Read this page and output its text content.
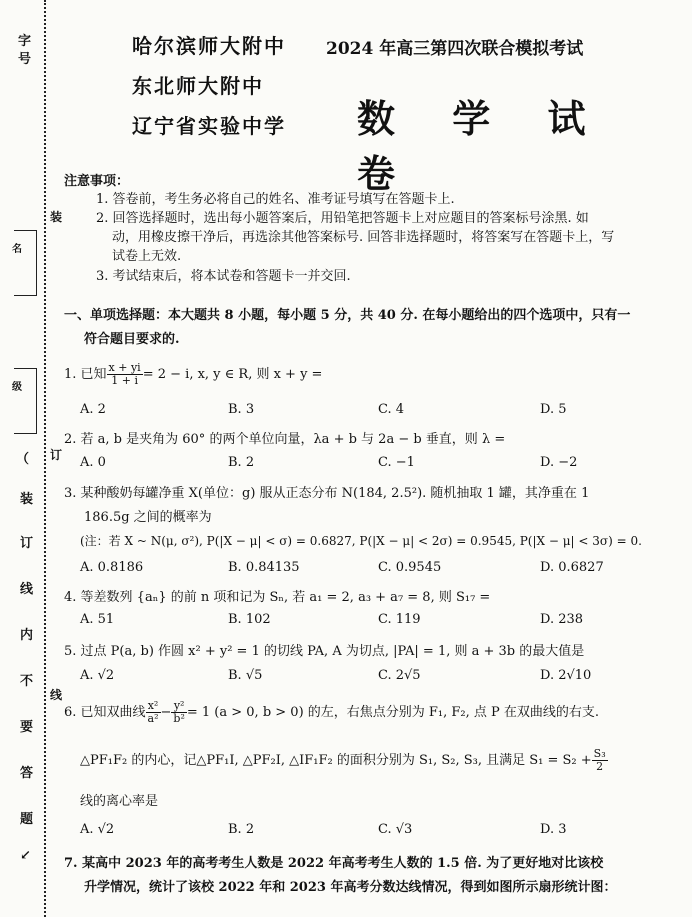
字
号
名
级
（
装
订
线
内
不
要
答
题
↙
装
订
线
哈尔滨师大附中
东北师大附中
辽宁省实验中学
2024 年高三第四次联合模拟考试
数 学 试 卷
注意事项：
1. 答卷前，考生务必将自己的姓名、准考证号填写在答题卡上.
2. 回答选择题时，选出每小题答案后，用铅笔把答题卡上对应题目的答案标号涂黑. 如
动，用橡皮擦干净后，再选涂其他答案标号. 回答非选择题时，将答案写在答题卡上，写
试卷上无效.
3. 考试结束后，将本试卷和答题卡一并交回.
一、单项选择题：本大题共 8 小题，每小题 5 分，共 40 分. 在每小题给出的四个选项中，只有一
符合题目要求的.
1. 已知 $\frac{x + yi}{1 + i} = 2 - i$, x, y ∈ R, 则 x + y =
A. 2	B. 3	C. 4	D. 5
2. 若 a, b 是夹角为 60° 的两个单位向量，λa + b 与 2a − b 垂直，则 λ =
A. 0	B. 2	C. −1	D. −2
3. 某种酸奶每罐净重 X(单位：g) 服从正态分布 N(184, 2.5²). 随机抽取 1 罐，其净重在 1
186.5g 之间的概率为
(注：若 X ~ N(μ, σ²), P(|X − μ| < σ) = 0.6827, P(|X − μ| < 2σ) = 0.9545, P(|X − μ| < 3σ) = 0.
A. 0.8186	B. 0.84135	C. 0.9545	D. 0.6827
4. 等差数列 {aₙ} 的前 n 项和记为 Sₙ, 若 a₁ = 2, a₃ + a₇ = 8, 则 S₁₇ =
A. 51	B. 102	C. 119	D. 238
5. 过点 P(a, b) 作圆 x² + y² = 1 的切线 PA, A 为切点, |PA| = 1, 则 a + 3b 的最大值是
A. √2	B. √5	C. 2√5	D. 2√10
6. 已知双曲线 $\frac{\text{x²}}{\text{a²}} - \frac{\text{y²}}{\text{b²}} = 1$ (a > 0, b > 0) 的左，右焦点分别为 F₁, F₂, 点 P 在双曲线的右支.
△PF₁F₂ 的内心，记△PF₁I, △PF₂I, △IF₁F₂ 的面积分别为 S₁, S₂, S₃, 且满足 $S_1 = S_2 + \frac{\text{S₃}}{2}$
线的离心率是
A. √2	B. 2	C. √3	D. 3
7. 某高中 2023 年的高考考生人数是 2022 年高考考生人数的 1.5 倍. 为了更好地对比该校
升学情况，统计了该校 2022 年和 2023 年高考分数达线情况，得到如图所示扇形统计图：
